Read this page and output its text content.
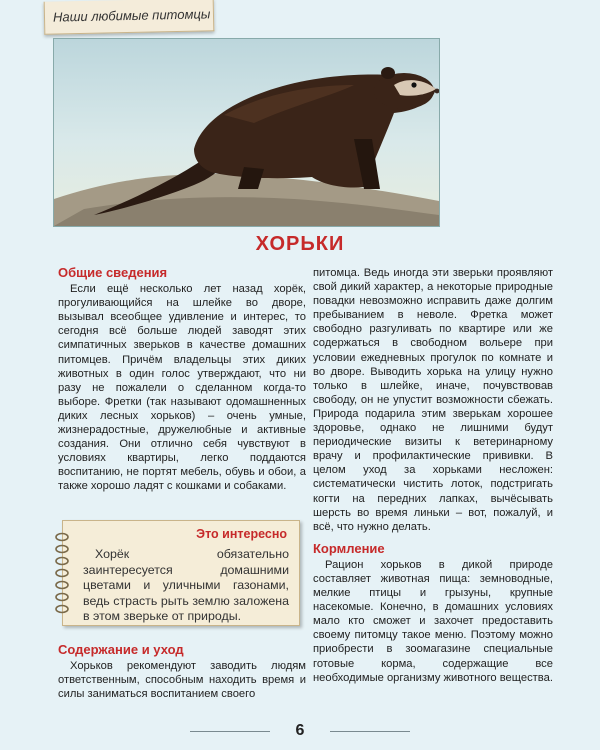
Наши любимые питомцы
ХОРЬКИ
Общие сведения

Если ещё несколько лет назад хорёк, прогуливающийся на шлейке во дворе, вызывал всеобщее удивление и интерес, то сегодня всё больше людей заводят этих симпатичных зверьков в качестве домашних питомцев. Причём владельцы этих диких животных в один голос утверждают, что ни разу не пожалели о сделанном когда-то выборе. Фретки (так называют одомашненных диких лесных хорьков) – очень умные, жизнерадостные, дружелюбные и активные создания. Они отлично себя чувствуют в условиях квартиры, легко поддаются воспитанию, не портят мебель, обувь и обои, а также хорошо ладят с кошками и собаками.

Это интересно
Хорёк обязательно заинтересуется домашними цветами и уличными газонами, ведь страсть рыть землю заложена в этом зверьке от природы.
Содержание и уход

Хорьков рекомендуют заводить людям ответственным, способным находить время и силы заниматься воспитанием своего

питомца. Ведь иногда эти зверьки проявляют свой дикий характер, а некоторые природные повадки невозможно исправить даже долгим пребыванием в неволе. Фретка может свободно разгуливать по квартире или же содержаться в свободном вольере при условии ежедневных прогулок по комнате и во дворе. Выводить хорька на улицу нужно только в шлейке, иначе, почувствовав свободу, он не упустит возможности сбежать. Природа подарила этим зверькам хорошее здоровье, однако не лишними будут периодические визиты к ветеринарному врачу и профилактические прививки. В целом уход за хорьками несложен: систематически чистить лоток, подстригать когти на передних лапках, вычёсывать шерсть во время линьки – вот, пожалуй, и всё, что нужно делать.

Кормление

Рацион хорьков в дикой природе составляет животная пища: земноводные, мелкие птицы и грызуны, крупные насекомые. Конечно, в домашних условиях мало кто сможет и захочет предоставить своему питомцу такое меню. Поэтому можно приобрести в зоомагазине специальные готовые корма, содержащие все необходимые организму животного вещества.

6
